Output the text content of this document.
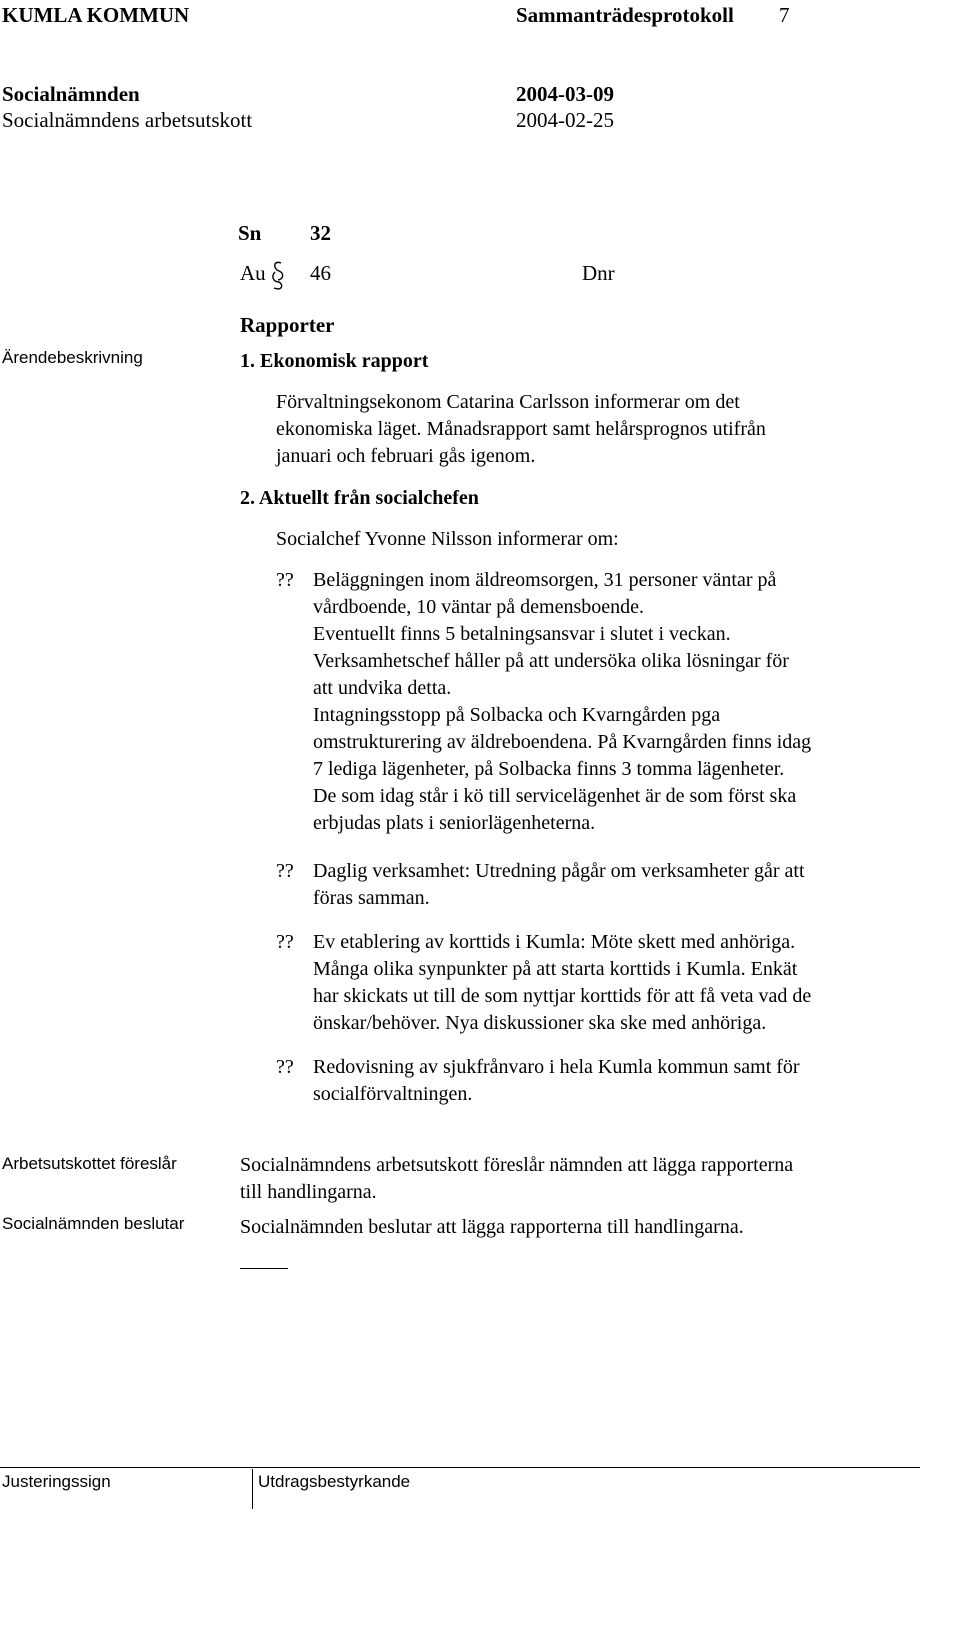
KUMLA KOMMUN	Sammanträdesprotokoll 7
Socialnämnden	2004-03-09
Socialnämndens arbetsutskott	2004-02-25
Sn 32
Au 46	Dnr
Rapporter
Ärendebeskrivning	1. Ekonomisk rapport
Förvaltningsekonom Catarina Carlsson informerar om det
ekonomiska läget. Månadsrapport samt helårsprognos utifrån
januari och februari gås igenom.
2. Aktuellt från socialchefen
Socialchef Yvonne Nilsson informerar om:
?? Beläggningen inom äldreomsorgen, 31 personer väntar på
vårdboende, 10 väntar på demensboende.
Eventuellt finns 5 betalningsansvar i slutet i veckan.
Verksamhetschef håller på att undersöka olika lösningar för
att undvika detta.
Intagningsstopp på Solbacka och Kvarngården pga
omstrukturering av äldreboendena. På Kvarngården finns idag
7 lediga lägenheter, på Solbacka finns 3 tomma lägenheter.
De som idag står i kö till servicelägenhet är de som först ska
erbjudas plats i seniorlägenheterna.
?? Daglig verksamhet: Utredning pågår om verksamheter går att
föras samman.
?? Ev etablering av korttids i Kumla: Möte skett med anhöriga.
Många olika synpunkter på att starta korttids i Kumla. Enkät
har skickats ut till de som nyttjar korttids för att få veta vad de
önskar/behöver. Nya diskussioner ska ske med anhöriga.
?? Redovisning av sjukfrånvaro i hela Kumla kommun samt för
socialförvaltningen.
Arbetsutskottet föreslår	Socialnämndens arbetsutskott föreslår nämnden att lägga rapporterna
till handlingarna.
Socialnämnden beslutar	Socialnämnden beslutar att lägga rapporterna till handlingarna.
Justeringssign	Utdragsbestyrkande
